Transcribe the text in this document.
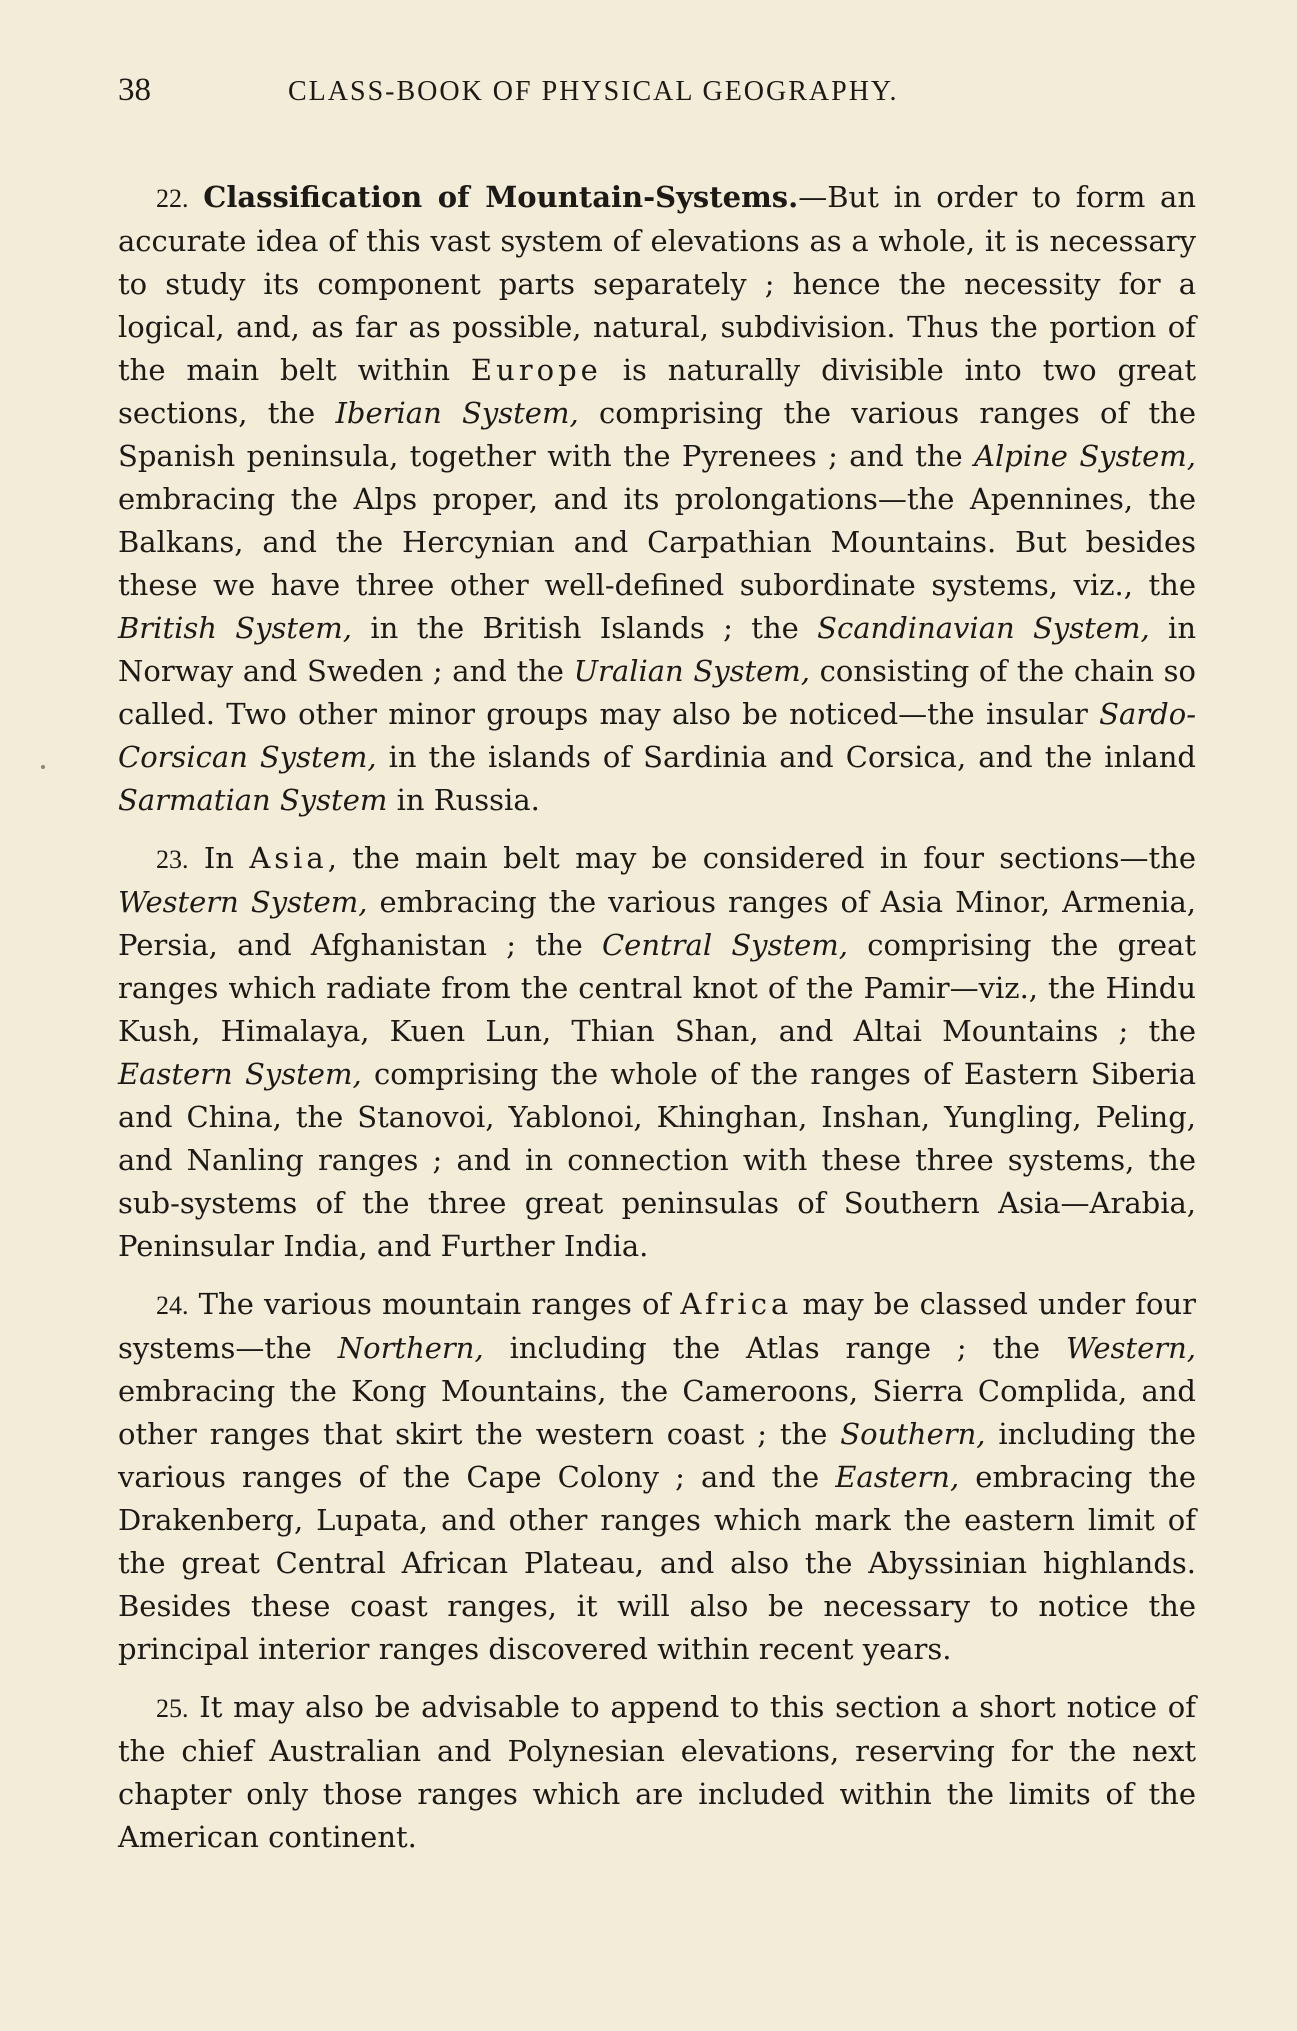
38	CLASS-BOOK OF PHYSICAL GEOGRAPHY.

22. Classification of Mountain-Systems.—But in order to form an accurate idea of this vast system of elevations as a whole, it is necessary to study its component parts separately ; hence the necessity for a logical, and, as far as possible, natural, subdivision. Thus the portion of the main belt within Europe is naturally divisible into two great sections, the Iberian System, comprising the various ranges of the Spanish peninsula, together with the Pyrenees ; and the Alpine System, embracing the Alps proper, and its prolongations—the Apennines, the Balkans, and the Hercynian and Carpathian Mountains. But besides these we have three other well-defined subordinate systems, viz., the British System, in the British Islands ; the Scandinavian System, in Norway and Sweden ; and the Uralian System, consisting of the chain so called. Two other minor groups may also be noticed—the insular Sardo-Corsican System, in the islands of Sardinia and Corsica, and the inland Sarmatian System in Russia.

23. In Asia, the main belt may be considered in four sections—the Western System, embracing the various ranges of Asia Minor, Armenia, Persia, and Afghanistan ; the Central System, comprising the great ranges which radiate from the central knot of the Pamir—viz., the Hindu Kush, Himalaya, Kuen Lun, Thian Shan, and Altai Mountains ; the Eastern System, comprising the whole of the ranges of Eastern Siberia and China, the Stanovoi, Yablonoi, Khinghan, Inshan, Yungling, Peling, and Nanling ranges ; and in connection with these three systems, the sub-systems of the three great peninsulas of Southern Asia—Arabia, Peninsular India, and Further India.

24. The various mountain ranges of Africa may be classed under four systems—the Northern, including the Atlas range ; the Western, embracing the Kong Mountains, the Cameroons, Sierra Complida, and other ranges that skirt the western coast ; the Southern, including the various ranges of the Cape Colony ; and the Eastern, embracing the Drakenberg, Lupata, and other ranges which mark the eastern limit of the great Central African Plateau, and also the Abyssinian highlands. Besides these coast ranges, it will also be necessary to notice the principal interior ranges discovered within recent years.

25. It may also be advisable to append to this section a short notice of the chief Australian and Polynesian elevations, reserving for the next chapter only those ranges which are included within the limits of the American continent.
